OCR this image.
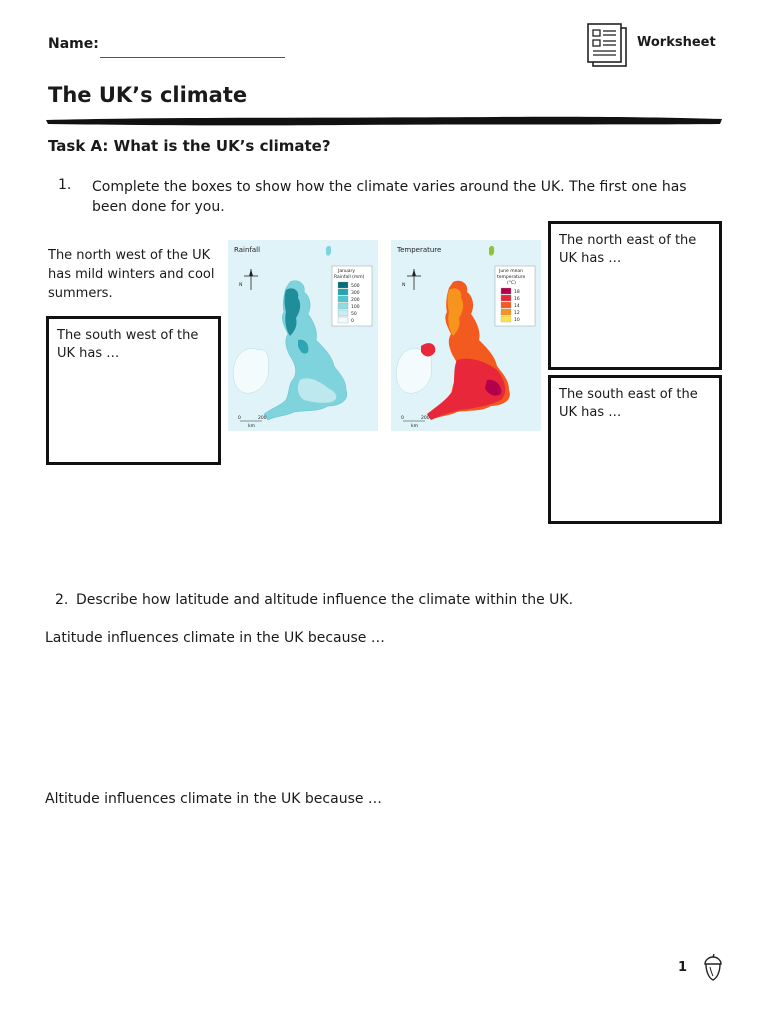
Name:	Worksheet
The UK’s climate
Task A: What is the UK’s climate?
1. Complete the boxes to show how the climate varies around the UK. The first one has been done for you.
The north west of the UK has mild winters and cool summers.
The south west of the UK has …
The north east of the UK has …
The south east of the UK has …
Rainfall
N
January
Rainfall (mm)
500
300
200
100
50
0
0	200
km
Temperature
N
June mean
temperature
(°C)
18
16
14
12
10
0	200
km
2. Describe how latitude and altitude influence the climate within the UK.
Latitude influences climate in the UK because …
Altitude influences climate in the UK because …
1
